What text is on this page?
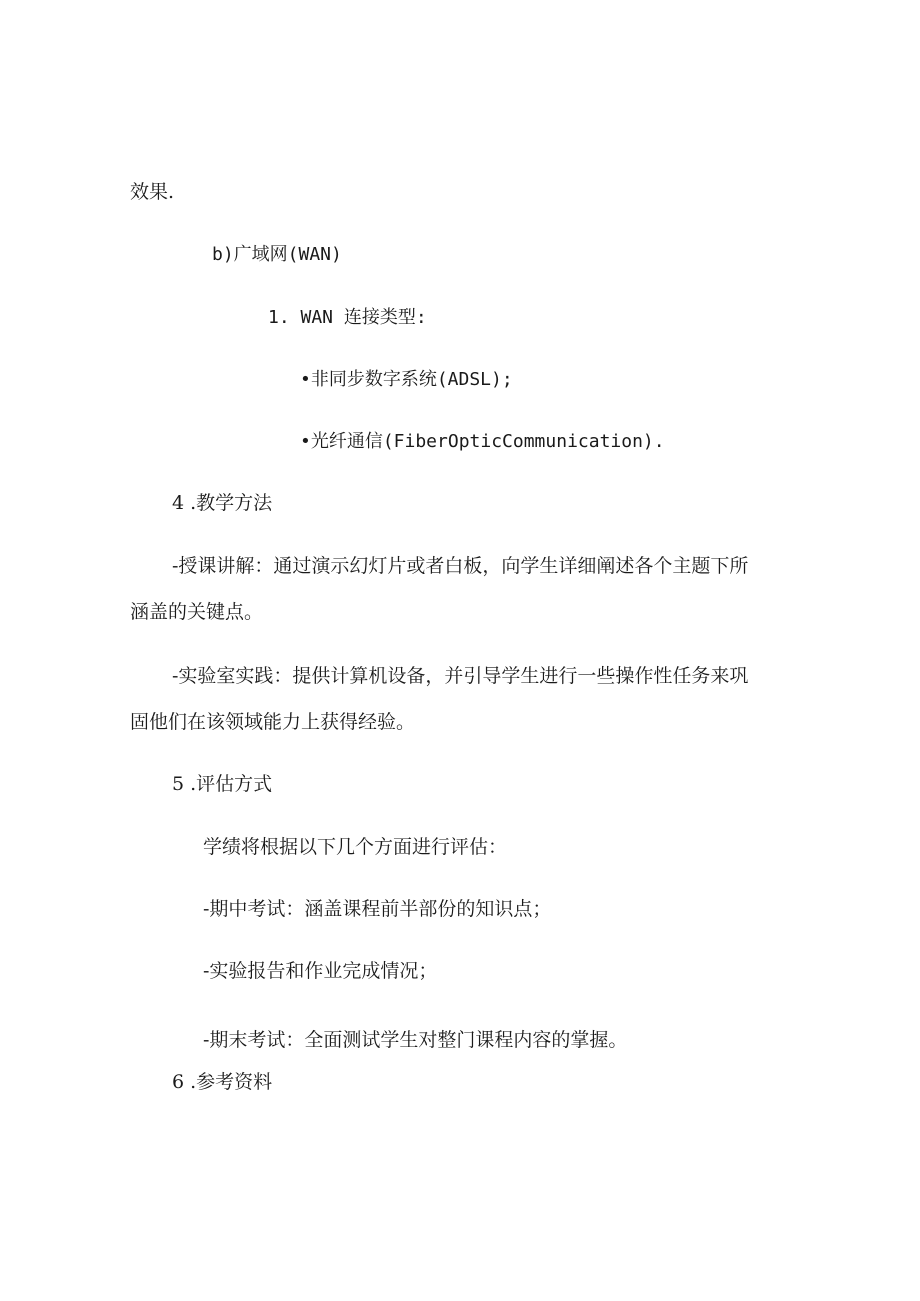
效果.

b)广域网(WAN)

1. WAN 连接类型:

•非同步数字系统(ADSL);

•光纤通信(FiberOpticCommunication).

4 .教学方法

-授课讲解：通过演示幻灯片或者白板，向学生详细阐述各个主题下所

涵盖的关键点。

-实验室实践：提供计算机设备，并引导学生进行一些操作性任务来巩

固他们在该领域能力上获得经验。

5 .评估方式

学绩将根据以下几个方面进行评估：

-期中考试：涵盖课程前半部份的知识点；

-实验报告和作业完成情况；

-期末考试：全面测试学生对整门课程内容的掌握。

6 .参考资料
